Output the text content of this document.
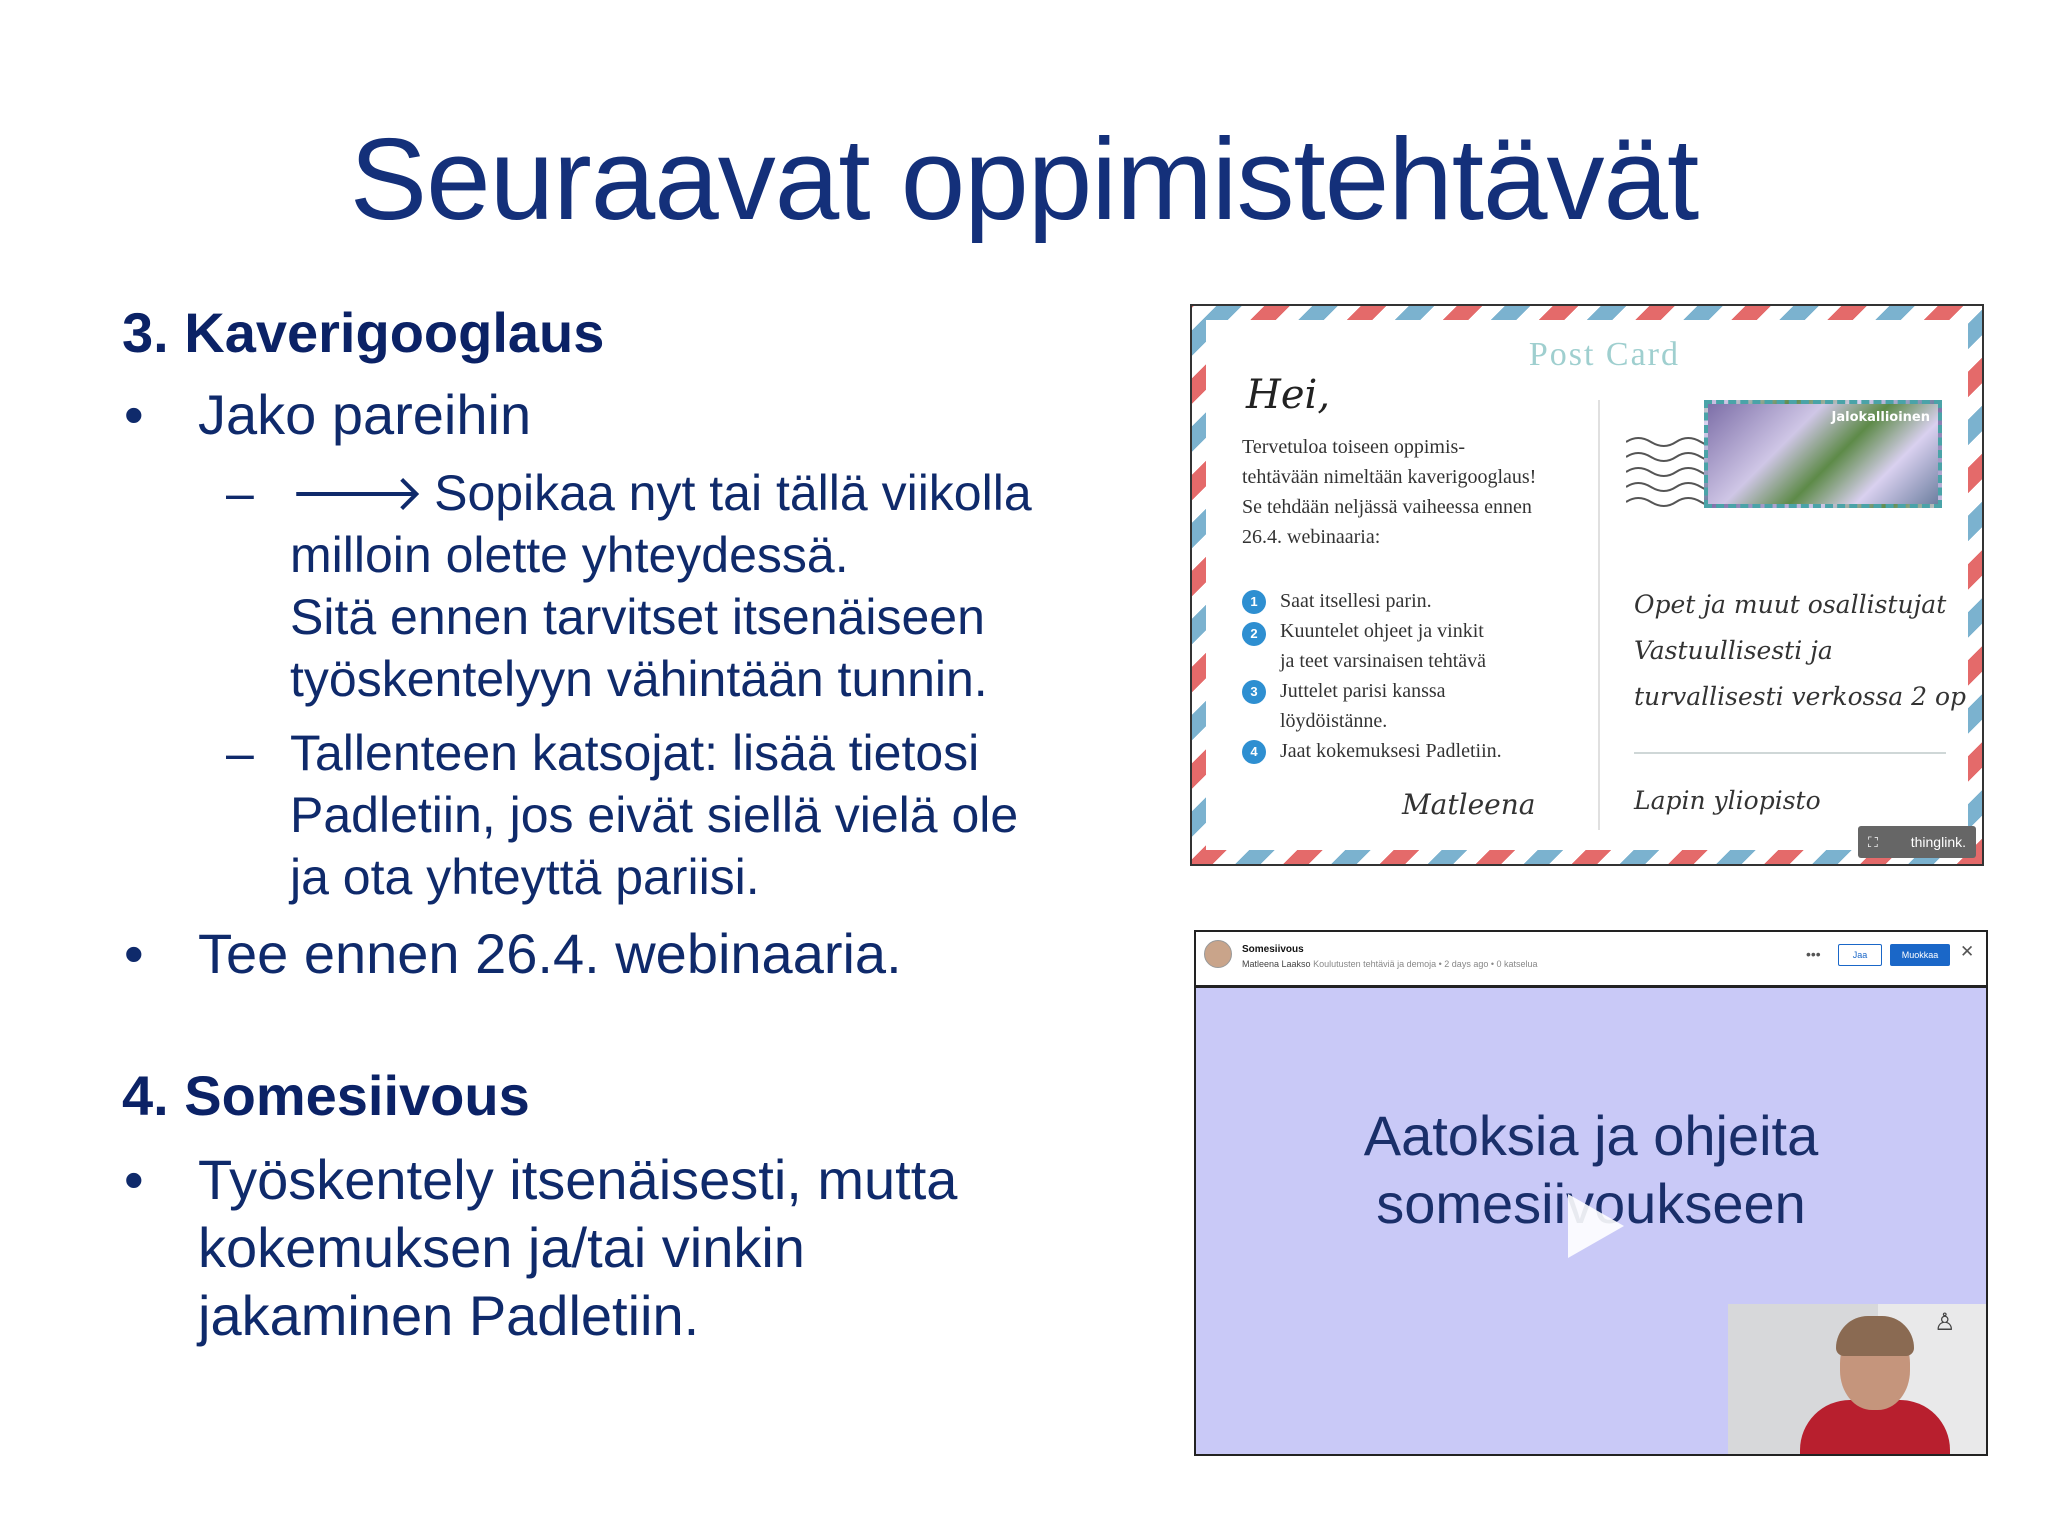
Seuraavat oppimistehtävät
3. Kaverigooglaus
• Jako pareihin
– 🡒 Sopikaa nyt tai tällä viikolla
milloin olette yhteydessä.
Sitä ennen tarvitset itsenäiseen
työskentelyyn vähintään tunnin.
– Tallenteen katsojat: lisää tietosi
Padletiin, jos eivät siellä vielä ole
ja ota yhteyttä pariisi.
• Tee ennen 26.4. webinaaria.
4. Somesiivous
• Työskentely itsenäisesti, mutta
kokemuksen ja/tai vinkin
jakaminen Padletiin.
Post Card
Hei,
Tervetuloa toiseen oppimis-
tehtävään nimeltään kaverigooglaus!
Se tehdään neljässä vaiheessa ennen
26.4. webinaaria:
1	Saat itsellesi parin.
2	Kuuntelet ohjeet ja vinkit
ja teet varsinaisen tehtävä
3	Juttelet parisi kanssa
löydöistänne.
4	Jaat kokemuksesi Padletiin.
Matleena
Jalokallioinen
Opet ja muut osallistujat
Vastuullisesti ja
turvallisesti verkossa 2 op
Lapin yliopisto
⛶ thinglink.
Somesiivous
Matleena Laakso Koulutusten tehtäviä ja demoja • 2 days ago • 0 katselua
•••	Jaa	Muokkaa	✕
Aatoksia ja ohjeita
somesiivoukseen
♙
